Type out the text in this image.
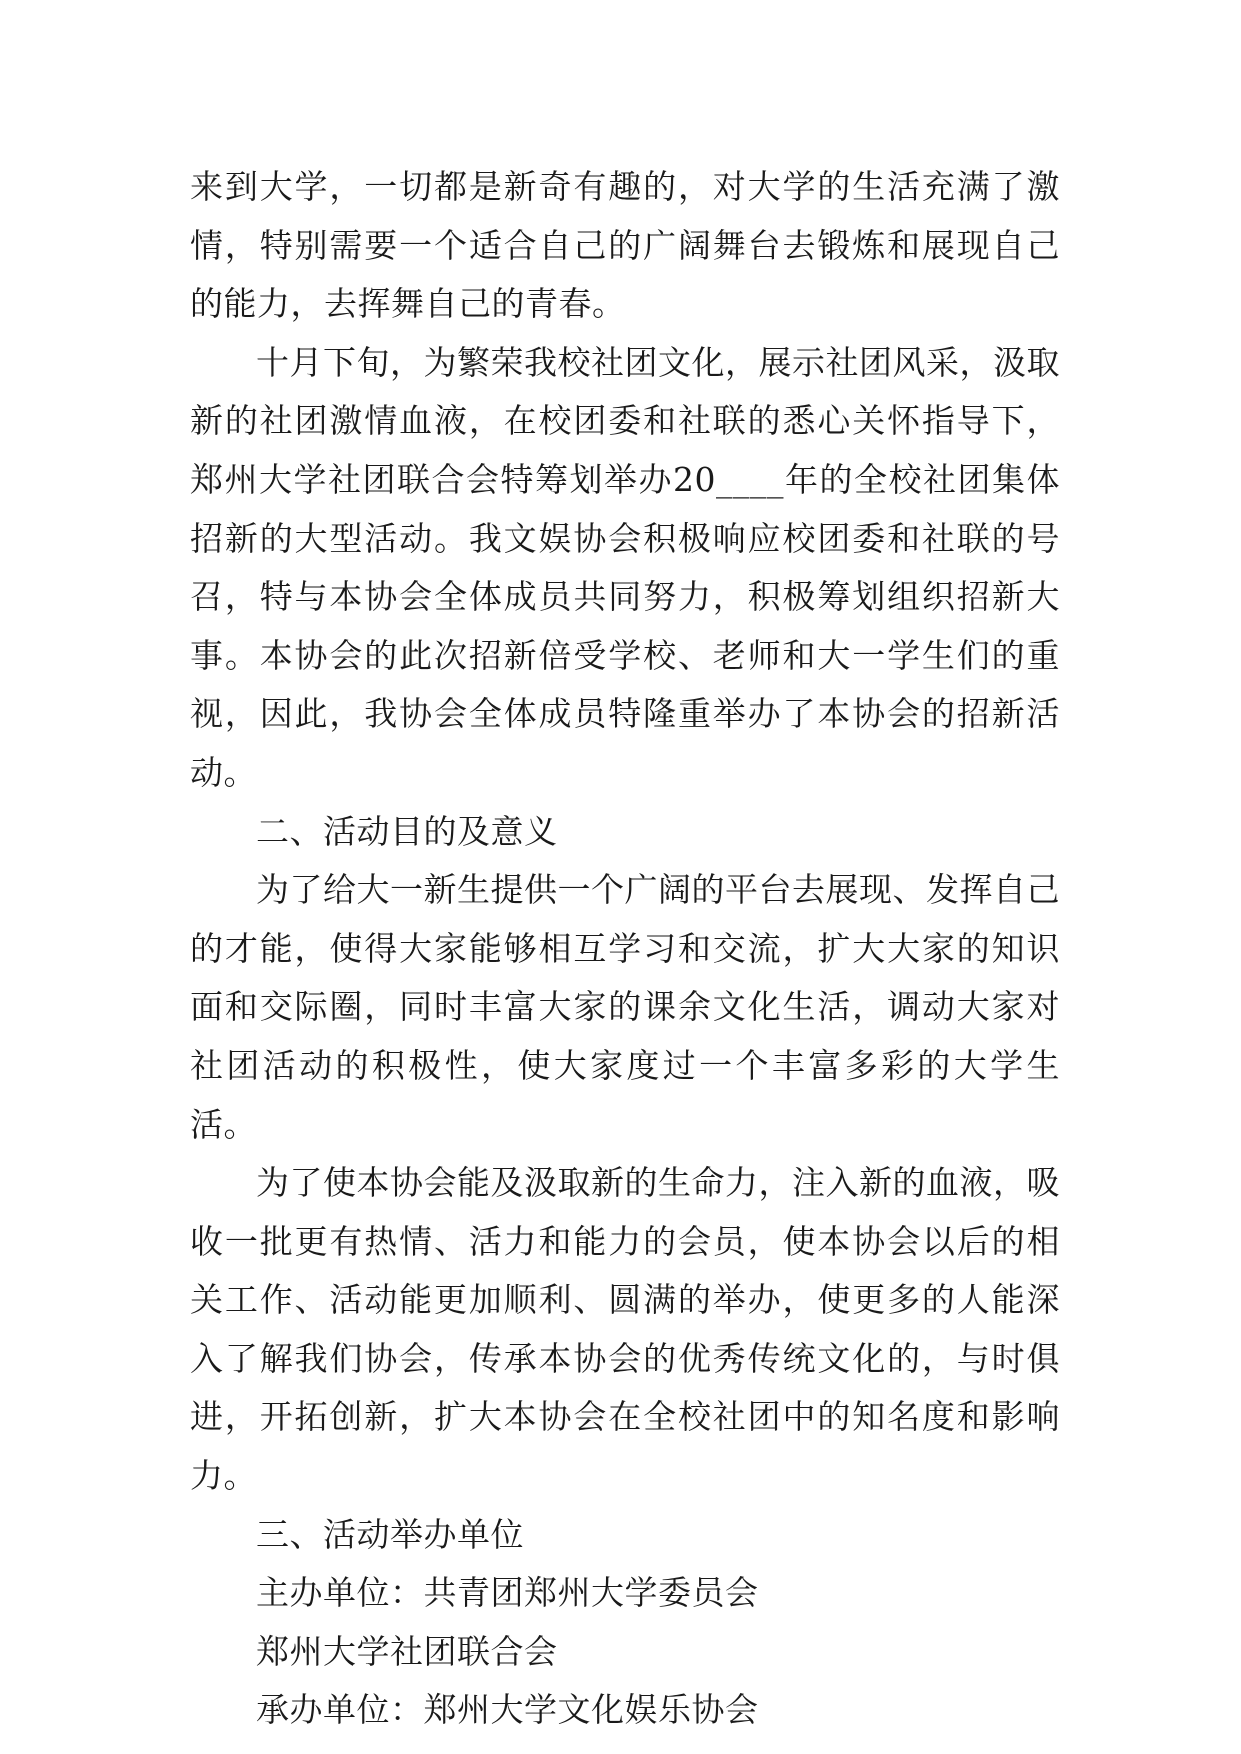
来到大学，一切都是新奇有趣的，对大学的生活充满了激情，特别需要一个适合自己的广阔舞台去锻炼和展现自己的能力，去挥舞自己的青春。

十月下旬，为繁荣我校社团文化，展示社团风采，汲取新的社团激情血液，在校团委和社联的悉心关怀指导下，郑州大学社团联合会特筹划举办20____年的全校社团集体招新的大型活动。我文娱协会积极响应校团委和社联的号召，特与本协会全体成员共同努力，积极筹划组织招新大事。本协会的此次招新倍受学校、老师和大一学生们的重视，因此，我协会全体成员特隆重举办了本协会的招新活动。

二、活动目的及意义

为了给大一新生提供一个广阔的平台去展现、发挥自己的才能，使得大家能够相互学习和交流，扩大大家的知识面和交际圈，同时丰富大家的课余文化生活，调动大家对社团活动的积极性，使大家度过一个丰富多彩的大学生活。

为了使本协会能及汲取新的生命力，注入新的血液，吸收一批更有热情、活力和能力的会员，使本协会以后的相关工作、活动能更加顺利、圆满的举办，使更多的人能深入了解我们协会，传承本协会的优秀传统文化的，与时俱进，开拓创新，扩大本协会在全校社团中的知名度和影响力。

三、活动举办单位

主办单位：共青团郑州大学委员会

郑州大学社团联合会

承办单位：郑州大学文化娱乐协会
